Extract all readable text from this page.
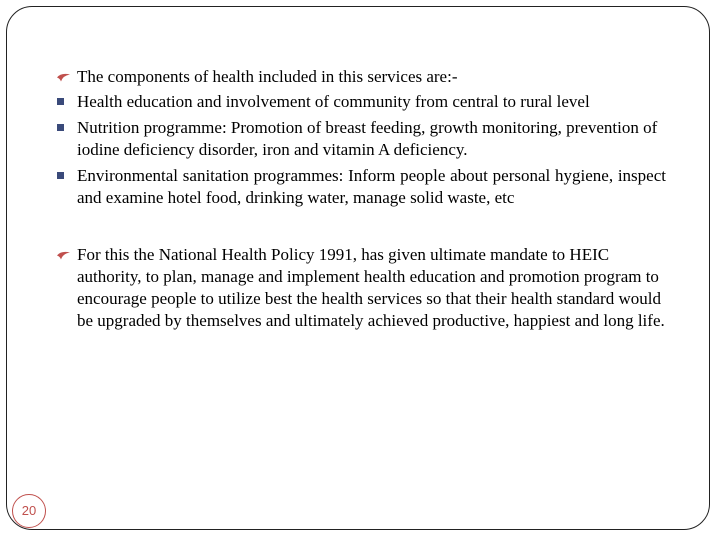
The components of health included in this services are:-
Health education and involvement of community from central to rural level
Nutrition programme: Promotion of breast feeding, growth monitoring, prevention of iodine deficiency disorder, iron and vitamin A deficiency.
Environmental sanitation programmes: Inform people about personal hygiene, inspect and examine hotel food, drinking water, manage solid waste, etc
For this the National Health Policy 1991, has given ultimate mandate to HEIC authority, to plan, manage and implement health education and promotion program to encourage people to utilize best the health services so that their health standard would be upgraded by themselves and ultimately achieved productive, happiest and long life.
20
